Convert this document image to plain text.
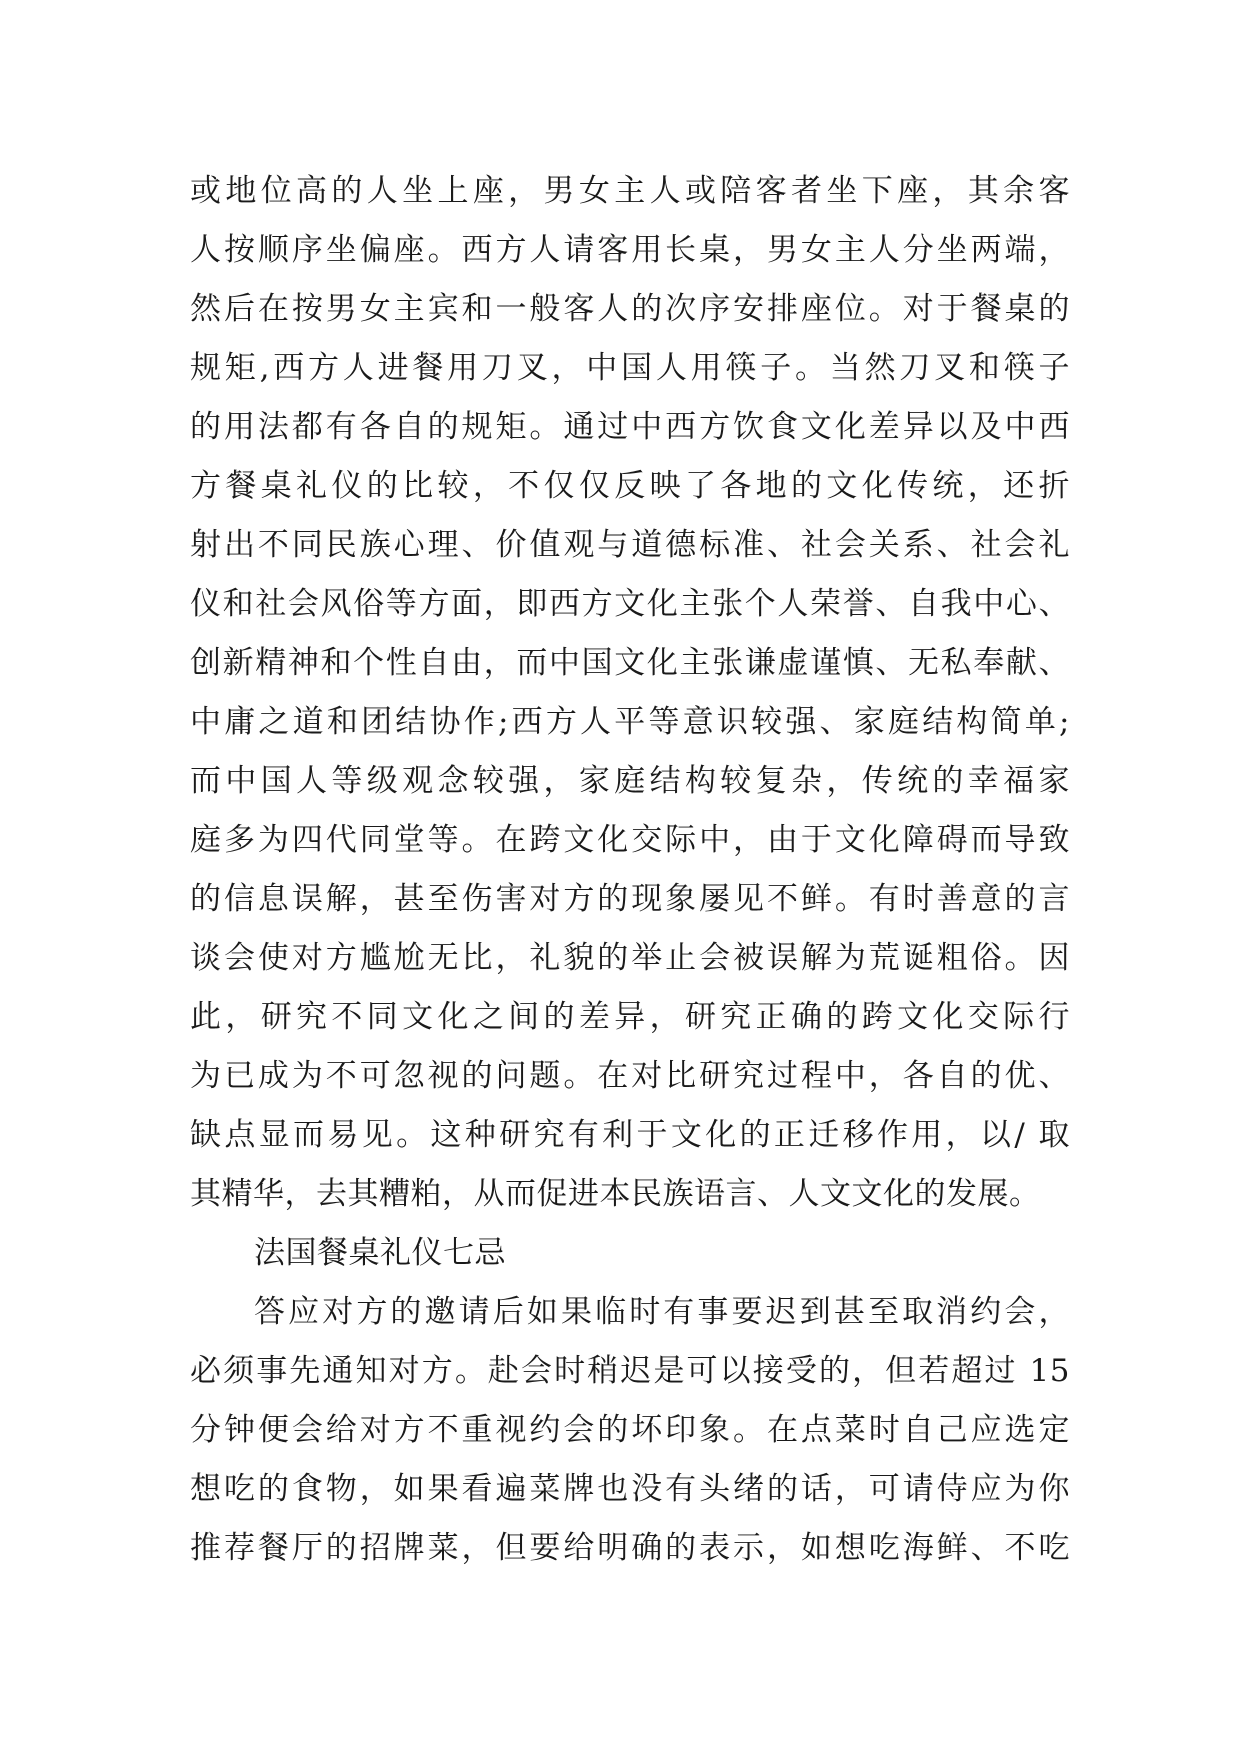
或地位高的人坐上座，男女主人或陪客者坐下座，其余客
人按顺序坐偏座。西方人请客用长桌，男女主人分坐两端，
然后在按男女主宾和一般客人的次序安排座位。对于餐桌的
规矩,西方人进餐用刀叉，中国人用筷子。当然刀叉和筷子
的用法都有各自的规矩。通过中西方饮食文化差异以及中西
方餐桌礼仪的比较，不仅仅反映了各地的文化传统，还折
射出不同民族心理、价值观与道德标准、社会关系、社会礼
仪和社会风俗等方面，即西方文化主张个人荣誉、自我中心、
创新精神和个性自由，而中国文化主张谦虚谨慎、无私奉献、
中庸之道和团结协作;西方人平等意识较强、家庭结构简单;
而中国人等级观念较强，家庭结构较复杂，传统的幸福家
庭多为四代同堂等。在跨文化交际中，由于文化障碍而导致
的信息误解，甚至伤害对方的现象屡见不鲜。有时善意的言
谈会使对方尴尬无比，礼貌的举止会被误解为荒诞粗俗。因
此，研究不同文化之间的差异，研究正确的跨文化交际行
为已成为不可忽视的问题。在对比研究过程中，各自的优、
缺点显而易见。这种研究有利于文化的正迁移作用，以/ 取
其精华，去其糟粕，从而促进本民族语言、人文文化的发展。
法国餐桌礼仪七忌
答应对方的邀请后如果临时有事要迟到甚至取消约会，
必须事先通知对方。赴会时稍迟是可以接受的，但若超过 15
分钟便会给对方不重视约会的坏印象。在点菜时自己应选定
想吃的食物，如果看遍菜牌也没有头绪的话，可请侍应为你
推荐餐厅的招牌菜，但要给明确的表示，如想吃海鲜、不吃
